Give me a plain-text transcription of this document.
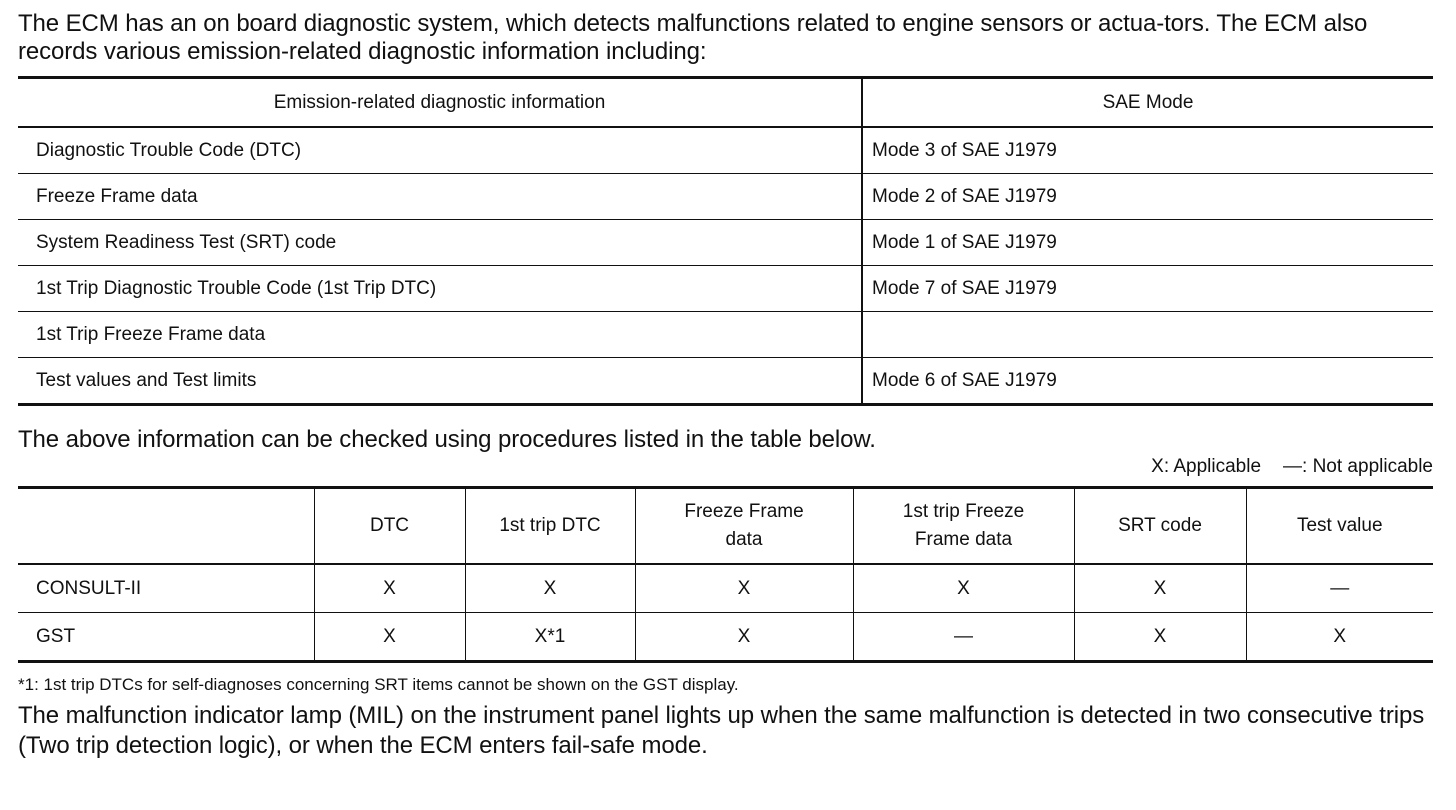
The ECM has an on board diagnostic system, which detects malfunctions related to engine sensors or actua-tors. The ECM also records various emission-related diagnostic information including:

Emission-related diagnostic information	SAE Mode
Diagnostic Trouble Code (DTC)	Mode 3 of SAE J1979
Freeze Frame data	Mode 2 of SAE J1979
System Readiness Test (SRT) code	Mode 1 of SAE J1979
1st Trip Diagnostic Trouble Code (1st Trip DTC)	Mode 7 of SAE J1979
1st Trip Freeze Frame data	
Test values and Test limits	Mode 6 of SAE J1979

The above information can be checked using procedures listed in the table below.

X: Applicable —: Not applicable
	DTC	1st trip DTC	Freeze Frame data	1st trip Freeze Frame data	SRT code	Test value
CONSULT-II	X	X	X	X	X	—
GST	X	X*1	X	—	X	X

*1: 1st trip DTCs for self-diagnoses concerning SRT items cannot be shown on the GST display.

The malfunction indicator lamp (MIL) on the instrument panel lights up when the same malfunction is detected in two consecutive trips (Two trip detection logic), or when the ECM enters fail-safe mode.
